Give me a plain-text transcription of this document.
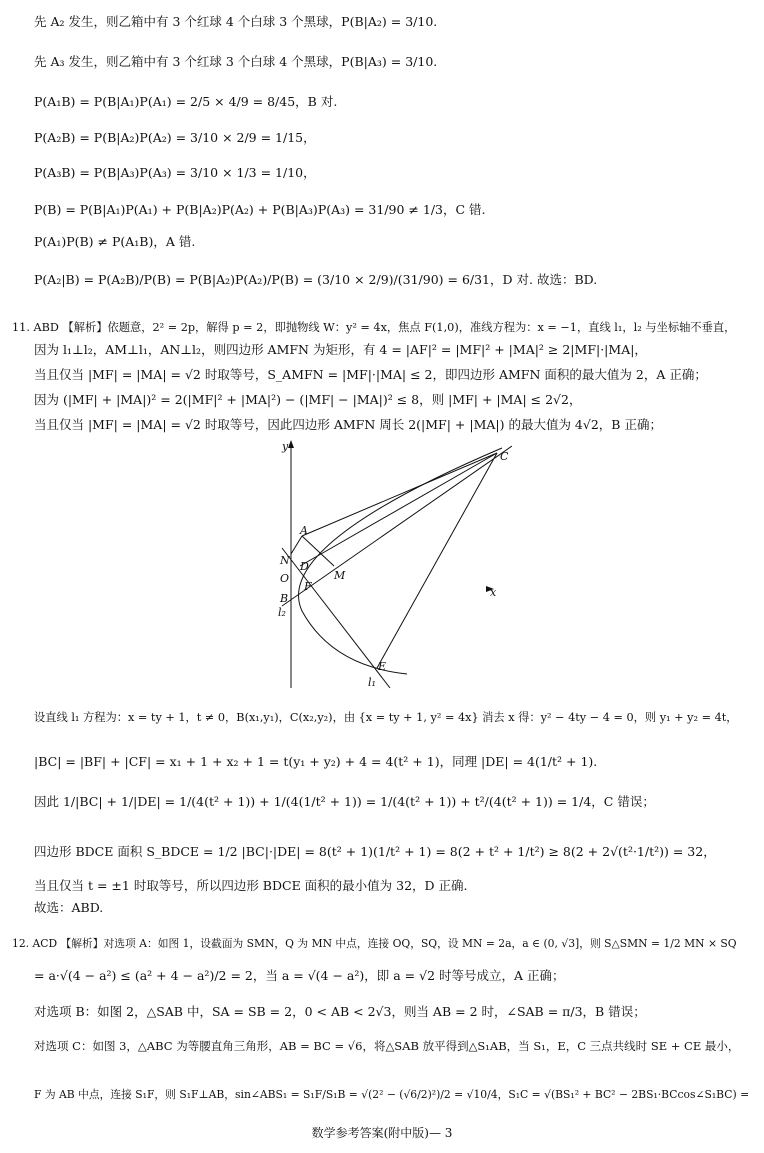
先 A₂ 发生，则乙箱中有 3 个红球 4 个白球 3 个黑球，P(B|A₂) = 3/10.
先 A₃ 发生，则乙箱中有 3 个红球 3 个白球 4 个黑球，P(B|A₃) = 3/10.
P(A₁B) = P(B|A₁)P(A₁) = 2/5 × 4/9 = 8/45，B 对.
P(A₂B) = P(B|A₂)P(A₂) = 3/10 × 2/9 = 1/15，
P(A₃B) = P(B|A₃)P(A₃) = 3/10 × 1/3 = 1/10，
P(B) = P(B|A₁)P(A₁) + P(B|A₂)P(A₂) + P(B|A₃)P(A₃) = 31/90 ≠ 1/3，C 错.
P(A₁)P(B) ≠ P(A₁B)，A 错.
P(A₂|B) = P(A₂B)/P(B) = P(B|A₂)P(A₂)/P(B) = (3/10 × 2/9)/(31/90) = 6/31，D 对. 故选：BD.
11. ABD 【解析】依题意，2² = 2p，解得 p = 2，即抛物线 W：y² = 4x，焦点 F(1,0)，准线方程为：x = −1，直线 l₁，l₂ 与坐标轴不垂直，
因为 l₁⊥l₂，AM⊥l₁，AN⊥l₂，则四边形 AMFN 为矩形，有 4 = |AF|² = |MF|² + |MA|² ≥ 2|MF|·|MA|，
当且仅当 |MF| = |MA| = √2 时取等号，S_AMFN = |MF|·|MA| ≤ 2，即四边形 AMFN 面积的最大值为 2，A 正确；
因为 (|MF| + |MA|)² = 2(|MF|² + |MA|²) − (|MF| − |MA|)² ≤ 8，则 |MF| + |MA| ≤ 2√2，
当且仅当 |MF| = |MA| = √2 时取等号，因此四边形 AMFN 周长 2(|MF| + |MA|) 的最大值为 4√2，B 正确；
y
x
C
A
N D
M
O
F
B
l₂
E
l₁
设直线 l₁ 方程为：x = ty + 1，t ≠ 0，B(x₁,y₁)，C(x₂,y₂)，由 {x = ty + 1, y² = 4x} 消去 x 得：y² − 4ty − 4 = 0，则 y₁ + y₂ = 4t，
|BC| = |BF| + |CF| = x₁ + 1 + x₂ + 1 = t(y₁ + y₂) + 4 = 4(t² + 1)，同理 |DE| = 4(1/t² + 1).
因此 1/|BC| + 1/|DE| = 1/(4(t² + 1)) + 1/(4(1/t² + 1)) = 1/(4(t² + 1)) + t²/(4(t² + 1)) = 1/4，C 错误；
四边形 BDCE 面积 S_BDCE = 1/2 |BC|·|DE| = 8(t² + 1)(1/t² + 1) = 8(2 + t² + 1/t²) ≥ 8(2 + 2√(t²·1/t²)) = 32，
当且仅当 t = ±1 时取等号，所以四边形 BDCE 面积的最小值为 32，D 正确.
故选：ABD.
12. ACD 【解析】对选项 A：如图 1，设截面为 SMN，Q 为 MN 中点，连接 OQ，SQ，设 MN = 2a，a ∈ (0, √3]，则 S△SMN = 1/2 MN × SQ
= a·√(4 − a²) ≤ (a² + 4 − a²)/2 = 2，当 a = √(4 − a²)，即 a = √2 时等号成立，A 正确；
对选项 B：如图 2，△SAB 中，SA = SB = 2，0 < AB < 2√3，则当 AB = 2 时，∠SAB = π/3，B 错误；
对选项 C：如图 3，△ABC 为等腰直角三角形，AB = BC = √6，将△SAB 放平得到△S₁AB，当 S₁，E，C 三点共线时 SE + CE 最小，
F 为 AB 中点，连接 S₁F，则 S₁F⊥AB，sin∠ABS₁ = S₁F/S₁B = √(2² − (√6/2)²)/2 = √10/4，S₁C = √(BS₁² + BC² − 2BS₁·BCcos∠S₁BC) =
数学参考答案(附中版)— 3
